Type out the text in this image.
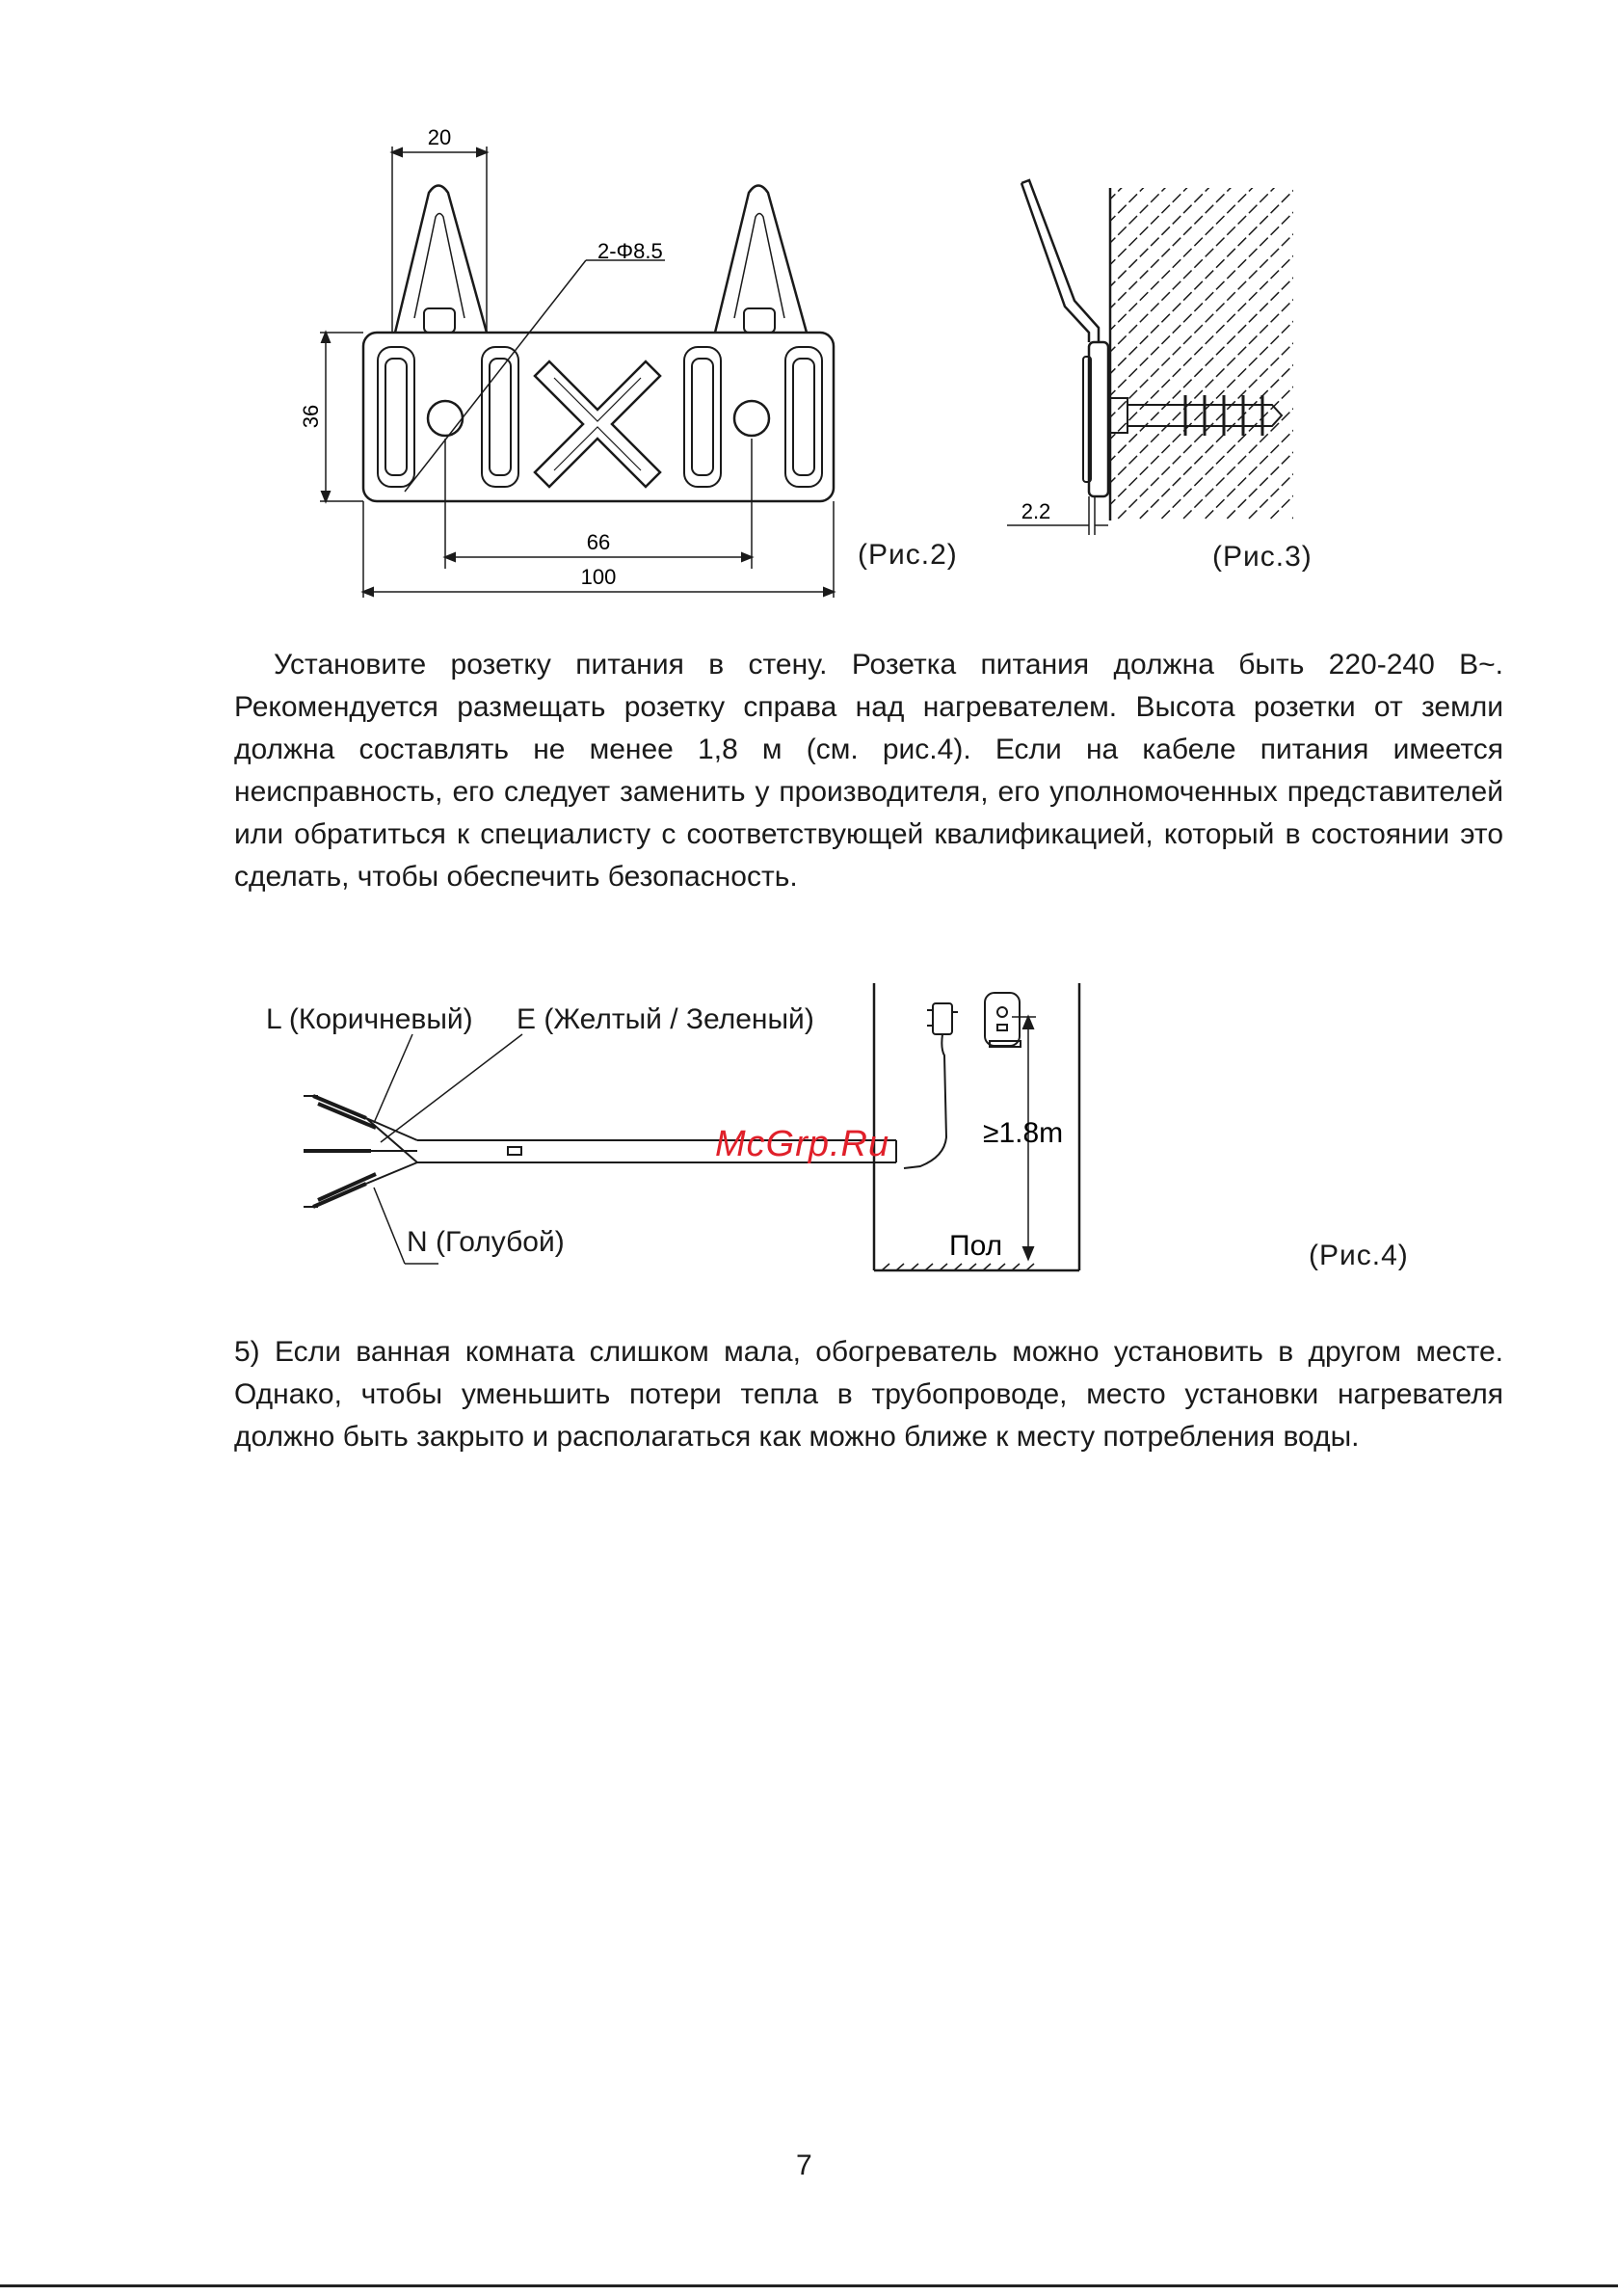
20
2-Φ8.5
36
66
100
(Рис.2)
2.2
(Рис.3)

Установите розетку питания в стену. Розетка питания должна быть 220-240 В~. Рекомендуется размещать розетку справа над нагревателем. Высота розетки от земли должна составлять не менее 1,8 м (см. рис.4). Если на кабеле питания имеется неисправность, его следует заменить у производителя, его уполномоченных представителей или обратиться к специалисту с соответствующей квалификацией, который в состоянии это сделать, чтобы обеспечить безопасность.

≥1.8m
Пол
L (Коричневый) E (Желтый / Зеленый)
N (Голубой)	(Рис.4)
McGrp.Ru

5) Если ванная комната слишком мала, обогреватель можно установить в другом месте. Однако, чтобы уменьшить потери тепла в трубопроводе, место установки нагревателя должно быть закрыто и располагаться как можно ближе к месту потребления воды.

7
